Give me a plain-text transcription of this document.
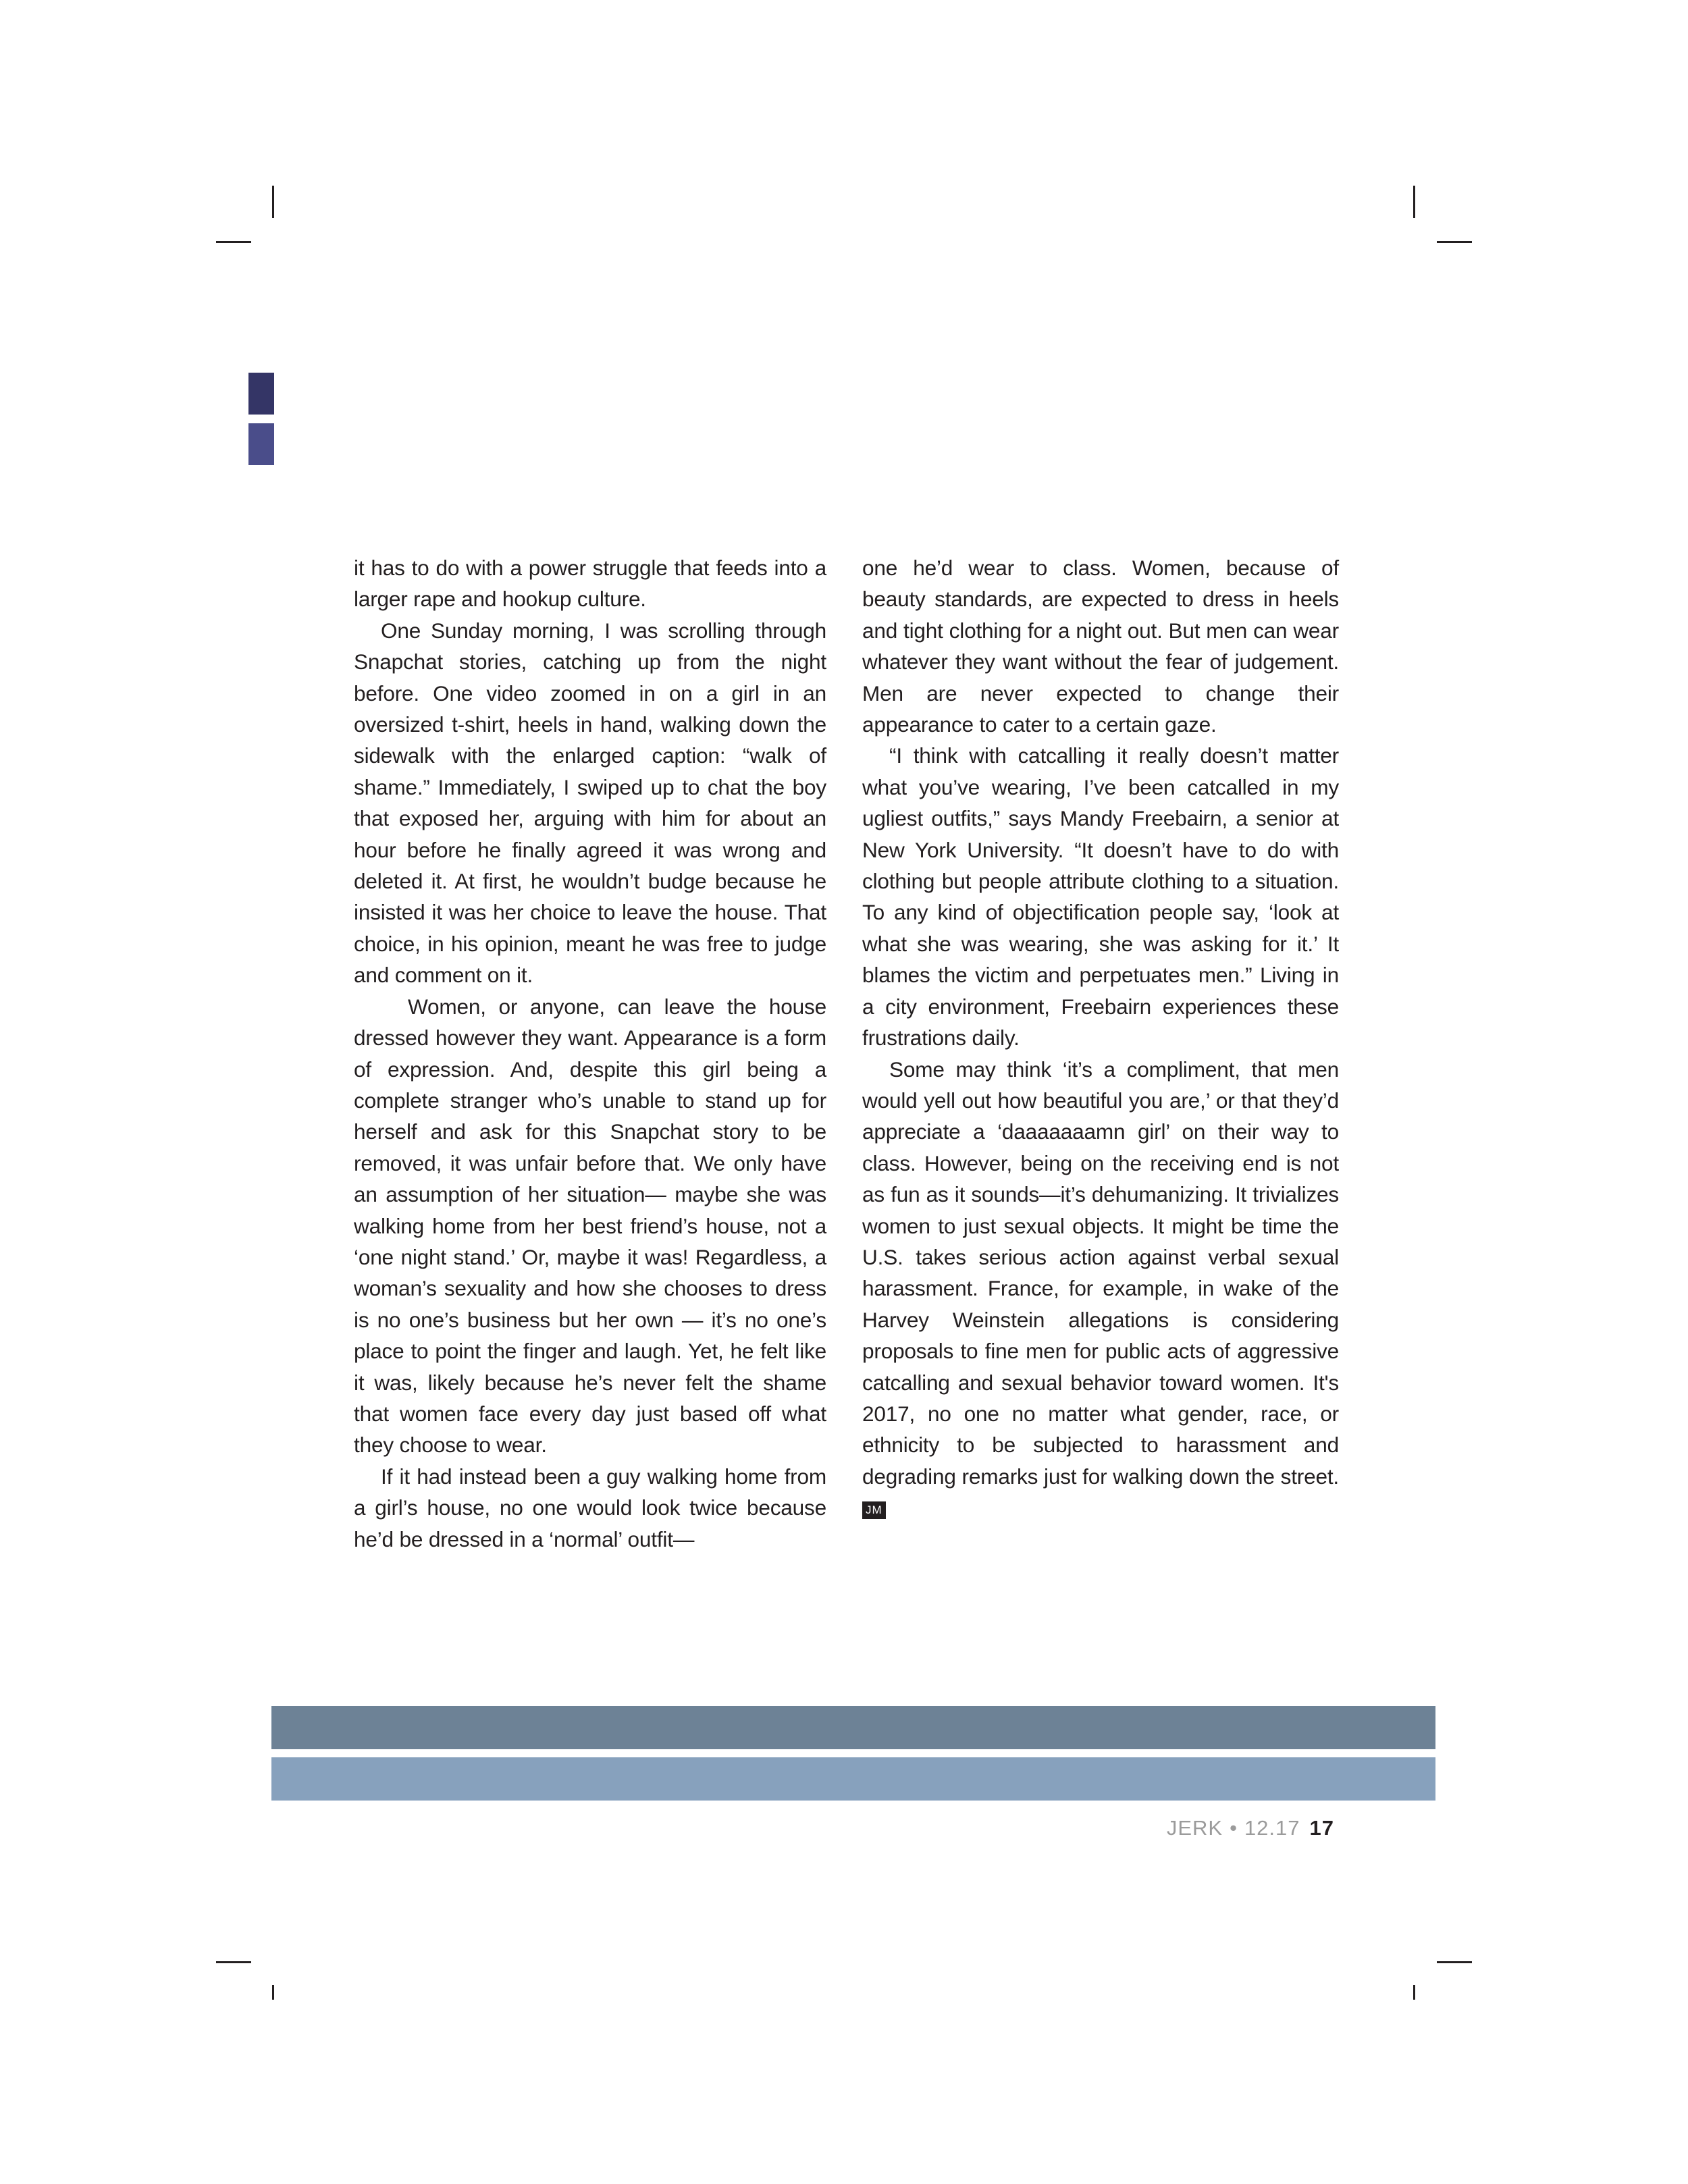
it has to do with a power struggle that feeds into a larger rape and hookup culture.

One Sunday morning, I was scrolling through Snapchat stories, catching up from the night before. One video zoomed in on a girl in an oversized t-shirt, heels in hand, walking down the sidewalk with the enlarged caption: “walk of shame.” Immediately, I swiped up to chat the boy that exposed her, arguing with him for about an hour before he finally agreed it was wrong and deleted it. At first, he wouldn’t budge because he insisted it was her choice to leave the house. That choice, in his opinion, meant he was free to judge and comment on it.

Women, or anyone, can leave the house dressed however they want. Appearance is a form of expression. And, despite this girl being a complete stranger who’s unable to stand up for herself and ask for this Snapchat story to be removed, it was unfair before that. We only have an assumption of her situation— maybe she was walking home from her best friend’s house, not a ‘one night stand.’ Or, maybe it was! Regardless, a woman’s sexuality and how she chooses to dress is no one’s business but her own — it’s no one’s place to point the finger and laugh. Yet, he felt like it was, likely because he’s never felt the shame that women face every day just based off what they choose to wear.

If it had instead been a guy walking home from a girl’s house, no one would look twice because he’d be dressed in a ‘normal’ outfit—

one he’d wear to class. Women, because of beauty standards, are expected to dress in heels and tight clothing for a night out. But men can wear whatever they want without the fear of judgement. Men are never expected to change their appearance to cater to a certain gaze.

“I think with catcalling it really doesn’t matter what you’ve wearing, I’ve been catcalled in my ugliest outfits,” says Mandy Freebairn, a senior at New York University. “It doesn’t have to do with clothing but people attribute clothing to a situation. To any kind of objectification people say, ‘look at what she was wearing, she was asking for it.’ It blames the victim and perpetuates men.” Living in a city environment, Freebairn experiences these frustrations daily.

Some may think ‘it’s a compliment, that men would yell out how beautiful you are,’ or that they’d appreciate a ‘daaaaaaamn girl’ on their way to class. However, being on the receiving end is not as fun as it sounds—it’s dehumanizing. It trivializes women to just sexual objects. It might be time the U.S. takes serious action against verbal sexual harassment. France, for example, in wake of the Harvey Weinstein allegations is considering proposals to fine men for public acts of aggressive catcalling and sexual behavior toward women. It's 2017, no one no matter what gender, race, or ethnicity to be subjected to harassment and degrading remarks just for walking down the street. JM

JERK • 12.17 17
